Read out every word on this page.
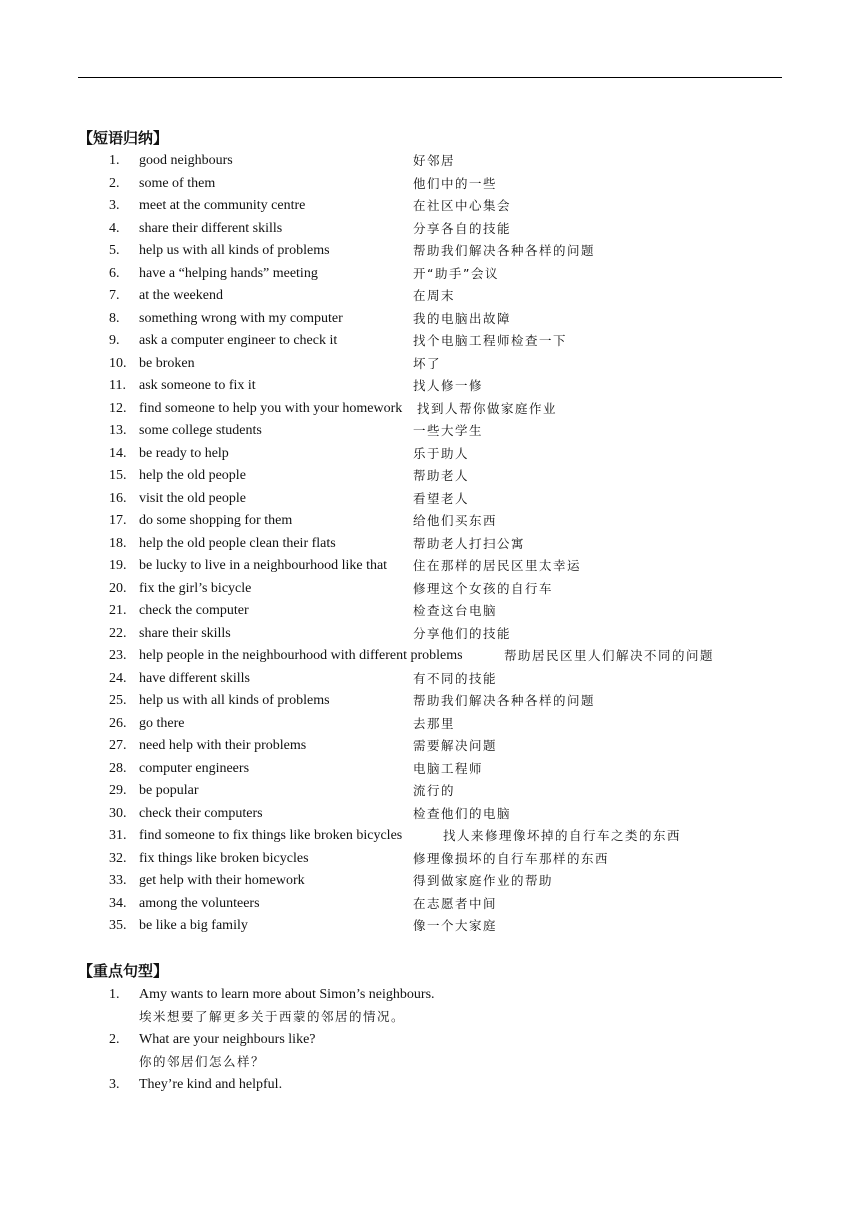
【短语归纳】
1. good neighbours	好邻居
2. some of them	他们中的一些
3. meet at the community centre	在社区中心集会
4. share their different skills	分享各自的技能
5. help us with all kinds of problems	帮助我们解决各种各样的问题
6. have a “helping hands” meeting	开“助手”会议
7. at the weekend	在周末
8. something wrong with my computer	我的电脑出故障
9. ask a computer engineer to check it	找个电脑工程师检查一下
10. be broken	坏了
11. ask someone to fix it	找人修一修
12. find someone to help you with your homework 找到人帮你做家庭作业
13. some college students	一些大学生
14. be ready to help	乐于助人
15. help the old people	帮助老人
16. visit the old people	看望老人
17. do some shopping for them	给他们买东西
18. help the old people clean their flats	帮助老人打扫公寓
19. be lucky to live in a neighbourhood like that 住在那样的居民区里太幸运
20. fix the girl’s bicycle	修理这个女孩的自行车
21. check the computer	检查这台电脑
22. share their skills	分享他们的技能
23. help people in the neighbourhood with different problems	帮助居民区里人们解决不同的问题
24. have different skills	有不同的技能
25. help us with all kinds of problems	帮助我们解决各种各样的问题
26. go there	去那里
27. need help with their problems	需要解决问题
28. computer engineers	电脑工程师
29. be popular	流行的
30. check their computers	检查他们的电脑
31. find someone to fix things like broken bicycles	找人来修理像坏掉的自行车之类的东西
32. fix things like broken bicycles	修理像损坏的自行车那样的东西
33. get help with their homework	得到做家庭作业的帮助
34. among the volunteers	在志愿者中间
35. be like a big family	像一个大家庭
【重点句型】
1. Amy wants to learn more about Simon’s neighbours.
埃米想要了解更多关于西蒙的邻居的情况。
2. What are your neighbours like?
你的邻居们怎么样？
3. They’re kind and helpful.
